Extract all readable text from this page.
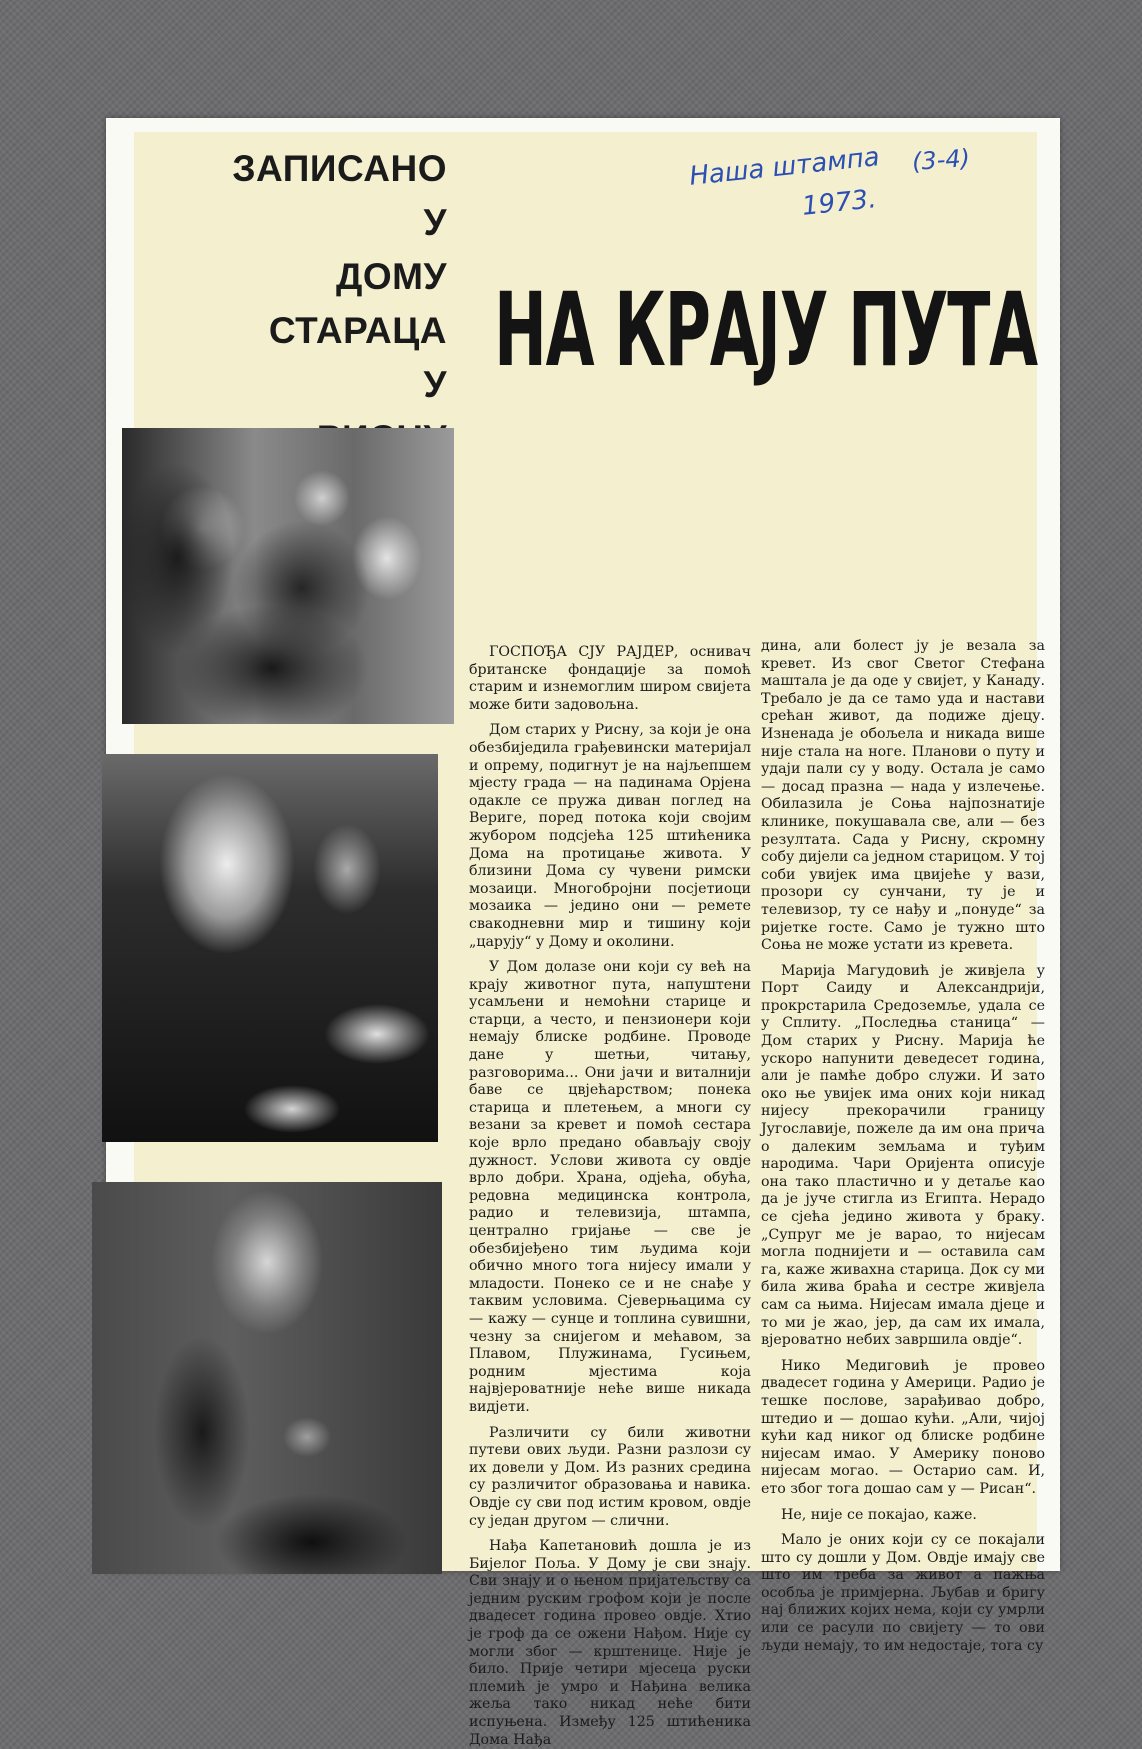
ЗАПИСАНО
У
ДОМУ
СТАРАЦА
У НА КРАЈУ ПУТА
Наша штампа
1973.
(3-4)

ГОСПОЂА СЈУ РАЈДЕР, оснивач британске фондације за помоћ старим и изнемоглим широм свијета може бити задовољна.

Дом старих у Рисну, за који је она обезбиједила грађевински материјал и опрему, подигнут је на најљепшем мјесту града — на падинама Орјена одакле се пружа диван поглед на Вериге, поред потока који својим жубором подсјећа 125 штићеника Дома на протицање живота. У близини Дома су чувени римски мозаици. Многобројни посјетиоци мозаика — једино они — ремете свакодневни мир и тишину који „царују“ у Дому и околини.

У Дом долазе они који су већ на крају животног пута, напуштени усамљени и немоћни старице и старци, а често, и пензионери који немају блиске родбине. Проводе дане у шетњи, читању, разговорима... Они јачи и виталнији баве се цвјећарством; понека старица и плетењем, а многи су везани за кревет и помоћ сестара које врло предано обављају своју дужност. Услови живота су овдје врло добри. Храна, одјећа, обућа, редовна медицинска контрола, радио и телевизија, штампа, централно гријање — све је обезбијеђено тим људима који обично много тога нијесу имали у младости. Понеко се и не снађе у таквим условима. Сјеверњацима су — кажу — сунце и топлина сувишни, чезну за снијегом и мећавом, за Плавом, Плужинама, Гусињем, родним мјестима која највјероватније неће више никада видјети.

Различити су били животни путеви ових људи. Разни разлози су их довели у Дом. Из разних средина су различитог образовања и навика. Овдје су сви под истим кровом, овдје су један другом — слични.

Нађа Капетановић дошла је из Бијелог Поља. У Дому је сви знају. Сви знају и о њеном пријатељству са једним руским грофом који је после двадесет година провео овдје. Хтио је гроф да се ожени Нађом. Није су могли због — крштенице. Није је било. Прије четири мјесеца руски племић је умро и Нађина велика жеља тако никад неће бити испуњена. Између 125 штићеника Дома Нађа

дина, али болест ју је везала за кревет. Из свог Светог Стефана маштала је да оде у свијет, у Канаду. Требало је да се тамо уда и настави срећан живот, да подиже дјецу. Изненада је обољела и никада више није стала на ноге. Планови о путу и удаји пали су у воду. Остала је само — досад празна — нада у излечење. Обилазила је Соња најпознатије клинике, покушавала све, али — без резултата. Сада у Рисну, скромну собу дијели са једном старицом. У тој соби увијек има цвијеће у вази, прозори су сунчани, ту је и телевизор, ту се нађу и „понуде“ за ријетке госте. Само је тужно што Соња не може устати из кревета.

Марија Магудовић је живјела у Порт Саиду и Александрији, прокрстарила Средоземље, удала се у Сплиту. „Последња станица“ — Дом старих у Рисну. Марија ће ускоро напунити деведесет година, али је памће добро служи. И зато око ње увијек има оних који никад нијесу прекорачили границу Југославије, пожеле да им она прича о далеким земљама и туђим народима. Чари Оријента описује она тако пластично и у детаље као да је јуче стигла из Египта. Нерадо се сјећа једино живота у браку. „Супруг ме је варао, то нијесам могла поднијети и — оставила сам га, каже живахна старица. Док су ми била жива браћа и сестре живјела сам са њима. Нијесам имала дјеце и то ми је жао, јер, да сам их имала, вјероватно небих завршила овдје“.

Нико Медиговић је провео двадесет година у Америци. Радио је тешке послове, зарађивао добро, штедио и — дошао кући. „Али, чијој кући кад никог од блиске родбине нијесам имао. У Америку поново нијесам могао. — Остарио сам. И, ето због тога дошао сам у — Рисан“.

Не, није се покајао, каже.

Мало је оних који су се покајали што су дошли у Дом. Овдје имају све што им треба за живот а пажња особља је примјерна. Љубав и бригу нај ближих којих нема, који су умрли или се расули по свијету — то ови људи немају, то им недостаје, тога су
